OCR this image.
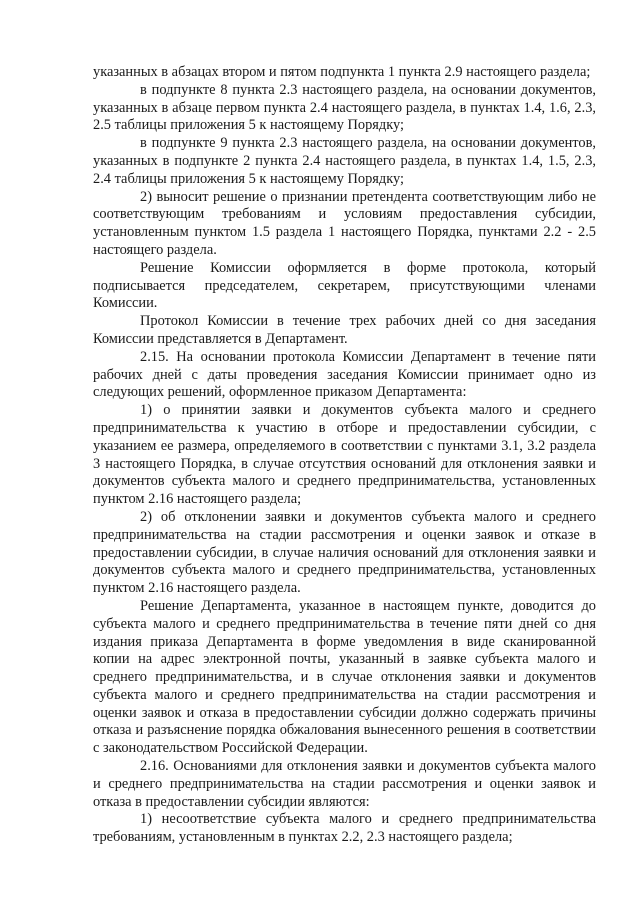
указанных в абзацах втором и пятом подпункта 1 пункта 2.9 настоящего раздела;

в подпункте 8 пункта 2.3 настоящего раздела, на основании документов, указанных в абзаце первом пункта 2.4 настоящего раздела, в пунктах 1.4, 1.6, 2.3, 2.5 таблицы приложения 5 к настоящему Порядку;

в подпункте 9 пункта 2.3 настоящего раздела, на основании документов, указанных в подпункте 2 пункта 2.4 настоящего раздела, в пунктах 1.4, 1.5, 2.3, 2.4 таблицы приложения 5 к настоящему Порядку;

2) выносит решение о признании претендента соответствующим либо не соответствующим требованиям и условиям предоставления субсидии, установленным пунктом 1.5 раздела 1 настоящего Порядка, пунктами 2.2 - 2.5 настоящего раздела.

Решение Комиссии оформляется в форме протокола, который подписывается председателем, секретарем, присутствующими членами Комиссии.

Протокол Комиссии в течение трех рабочих дней со дня заседания Комиссии представляется в Департамент.

2.15. На основании протокола Комиссии Департамент в течение пяти рабочих дней с даты проведения заседания Комиссии принимает одно из следующих решений, оформленное приказом Департамента:

1) о принятии заявки и документов субъекта малого и среднего предпринимательства к участию в отборе и предоставлении субсидии, с указанием ее размера, определяемого в соответствии с пунктами 3.1, 3.2 раздела 3 настоящего Порядка, в случае отсутствия оснований для отклонения заявки и документов субъекта малого и среднего предпринимательства, установленных пунктом 2.16 настоящего раздела;

2) об отклонении заявки и документов субъекта малого и среднего предпринимательства на стадии рассмотрения и оценки заявок и отказе в предоставлении субсидии, в случае наличия оснований для отклонения заявки и документов субъекта малого и среднего предпринимательства, установленных пунктом 2.16 настоящего раздела.

Решение Департамента, указанное в настоящем пункте, доводится до субъекта малого и среднего предпринимательства в течение пяти дней со дня издания приказа Департамента в форме уведомления в виде сканированной копии на адрес электронной почты, указанный в заявке субъекта малого и среднего предпринимательства, и в случае отклонения заявки и документов субъекта малого и среднего предпринимательства на стадии рассмотрения и оценки заявок и отказа в предоставлении субсидии должно содержать причины отказа и разъяснение порядка обжалования вынесенного решения в соответствии с законодательством Российской Федерации.

2.16. Основаниями для отклонения заявки и документов субъекта малого и среднего предпринимательства на стадии рассмотрения и оценки заявок и отказа в предоставлении субсидии являются:

1) несоответствие субъекта малого и среднего предпринимательства требованиям, установленным в пунктах 2.2, 2.3 настоящего раздела;
